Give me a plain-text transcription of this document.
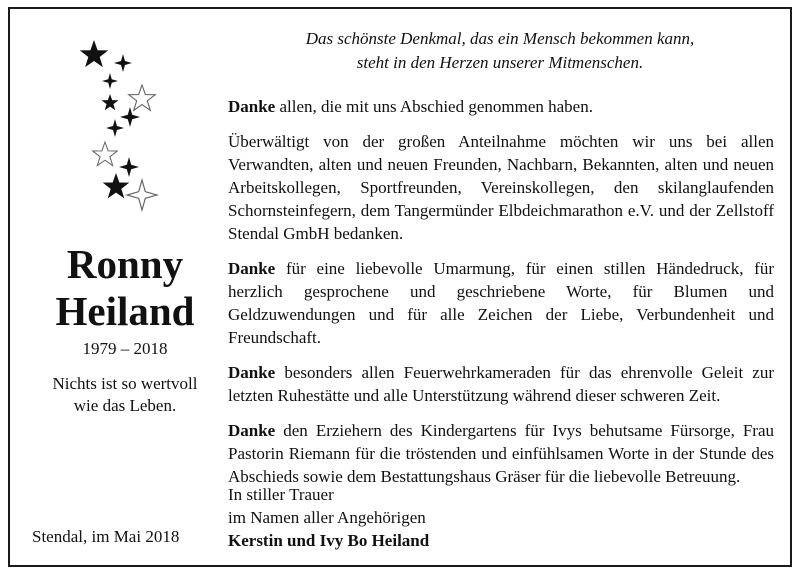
Ronny
Heiland
1979 – 2018
Nichts ist so wertvoll
wie das Leben.
Stendal, im Mai 2018
Das schönste Denkmal, das ein Mensch bekommen kann,
steht in den Herzen unserer Mitmenschen.

Danke allen, die mit uns Abschied genommen haben.

Überwältigt von der großen Anteilnahme möchten wir uns bei allen Verwandten, alten und neuen Freunden, Nachbarn, Bekannten, alten und neuen Arbeitskollegen, Sportfreunden, Vereinskollegen, den skilanglaufenden Schornsteinfegern, dem Tangermünder Elbdeichmarathon e.V. und der Zellstoff Stendal GmbH bedanken.

Danke für eine liebevolle Umarmung, für einen stillen Händedruck, für herzlich gesprochene und geschriebene Worte, für Blumen und Geldzuwendungen und für alle Zeichen der Liebe, Verbundenheit und Freundschaft.

Danke besonders allen Feuerwehrkameraden für das ehrenvolle Geleit zur letzten Ruhestätte und alle Unterstützung während dieser schweren Zeit.

Danke den Erziehern des Kindergartens für Ivys behutsame Fürsorge, Frau Pastorin Riemann für die tröstenden und einfühlsamen Worte in der Stunde des Abschieds sowie dem Bestattungshaus Gräser für die liebevolle Betreuung.

In stiller Trauer
im Namen aller Angehörigen
Kerstin und Ivy Bo Heiland
